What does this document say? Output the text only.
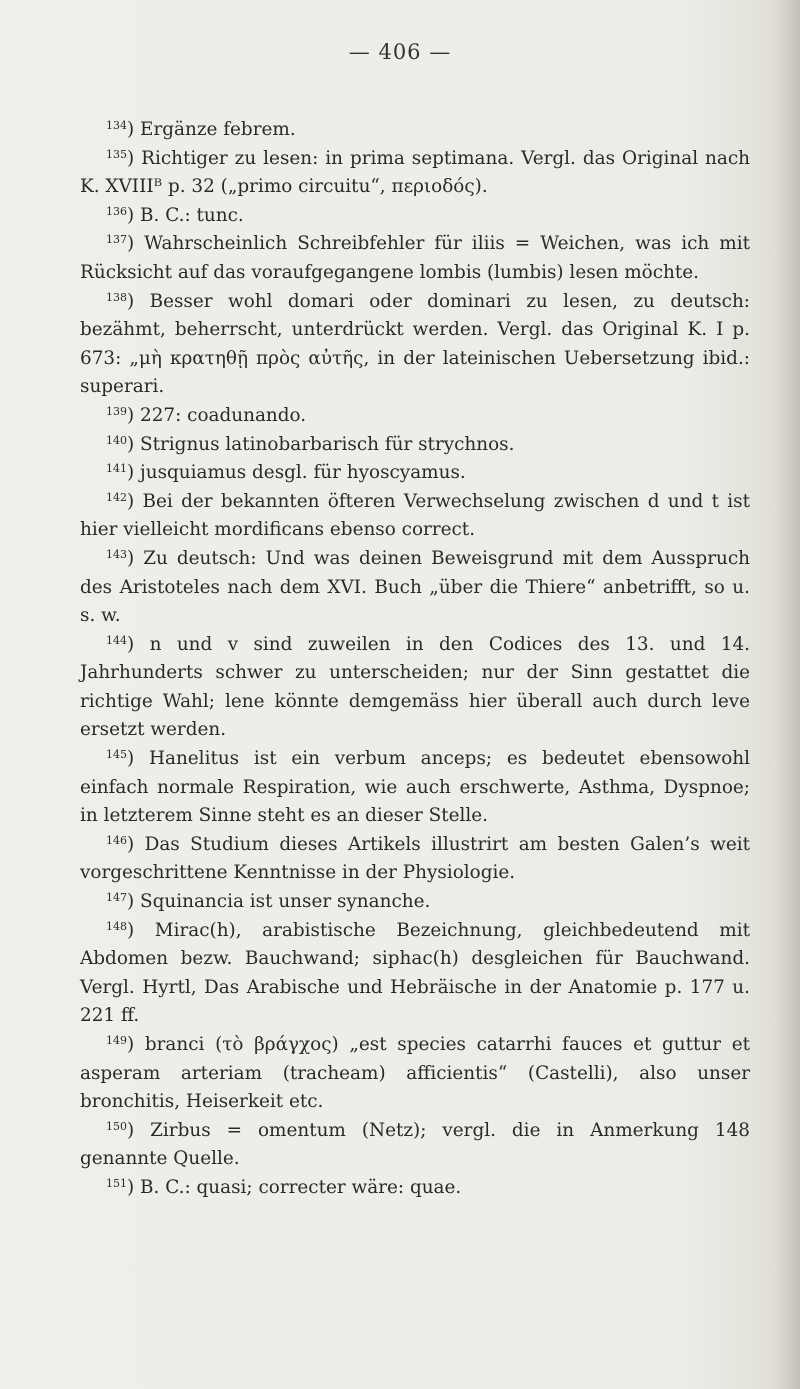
— 406 —

$^{134}$) Ergänze febrem.

$^{135}$) Richtiger zu lesen: in prima septimana. Vergl. das Original nach K. XVIIIᴮ p. 32 („primo circuitu“, περιοδός).

$^{136}$) B. C.: tunc.

$^{137}$) Wahrscheinlich Schreibfehler für iliis = Weichen, was ich mit Rücksicht auf das voraufgegangene lombis (lumbis) lesen möchte.

$^{138}$) Besser wohl domari oder dominari zu lesen, zu deutsch: bezähmt, beherrscht, unterdrückt werden. Vergl. das Original K. I p. 673: „μὴ κρατηθῇ πρὸς αὐτῆς, in der lateinischen Uebersetzung ibid.: superari.

$^{139}$) 227: coadunando.

$^{140}$) Strignus latinobarbarisch für strychnos.

$^{141}$) jusquiamus desgl. für hyoscyamus.

$^{142}$) Bei der bekannten öfteren Verwechselung zwischen d und t ist hier vielleicht mordificans ebenso correct.

$^{143}$) Zu deutsch: Und was deinen Beweisgrund mit dem Ausspruch des Aristoteles nach dem XVI. Buch „über die Thiere“ anbetrifft, so u. s. w.

$^{144}$) n und v sind zuweilen in den Codices des 13. und 14. Jahrhunderts schwer zu unterscheiden; nur der Sinn gestattet die richtige Wahl; lene könnte demgemäss hier überall auch durch leve ersetzt werden.

$^{145}$) Hanelitus ist ein verbum anceps; es bedeutet ebensowohl einfach normale Respiration, wie auch erschwerte, Asthma, Dyspnoe; in letzterem Sinne steht es an dieser Stelle.

$^{146}$) Das Studium dieses Artikels illustrirt am besten Galen’s weit vorgeschrittene Kenntnisse in der Physiologie.

$^{147}$) Squinancia ist unser synanche.

$^{148}$) Mirac(h), arabistische Bezeichnung, gleichbedeutend mit Abdomen bezw. Bauchwand; siphac(h) desgleichen für Bauchwand. Vergl. Hyrtl, Das Arabische und Hebräische in der Anatomie p. 177 u. 221 ff.

$^{149}$) branci (τὸ βράγχος) „est species catarrhi fauces et guttur et asperam arteriam (tracheam) afficientis“ (Castelli), also unser bronchitis, Heiserkeit etc.

$^{150}$) Zirbus = omentum (Netz); vergl. die in Anmerkung 148 genannte Quelle.

$^{151}$) B. C.: quasi; correcter wäre: quae.
